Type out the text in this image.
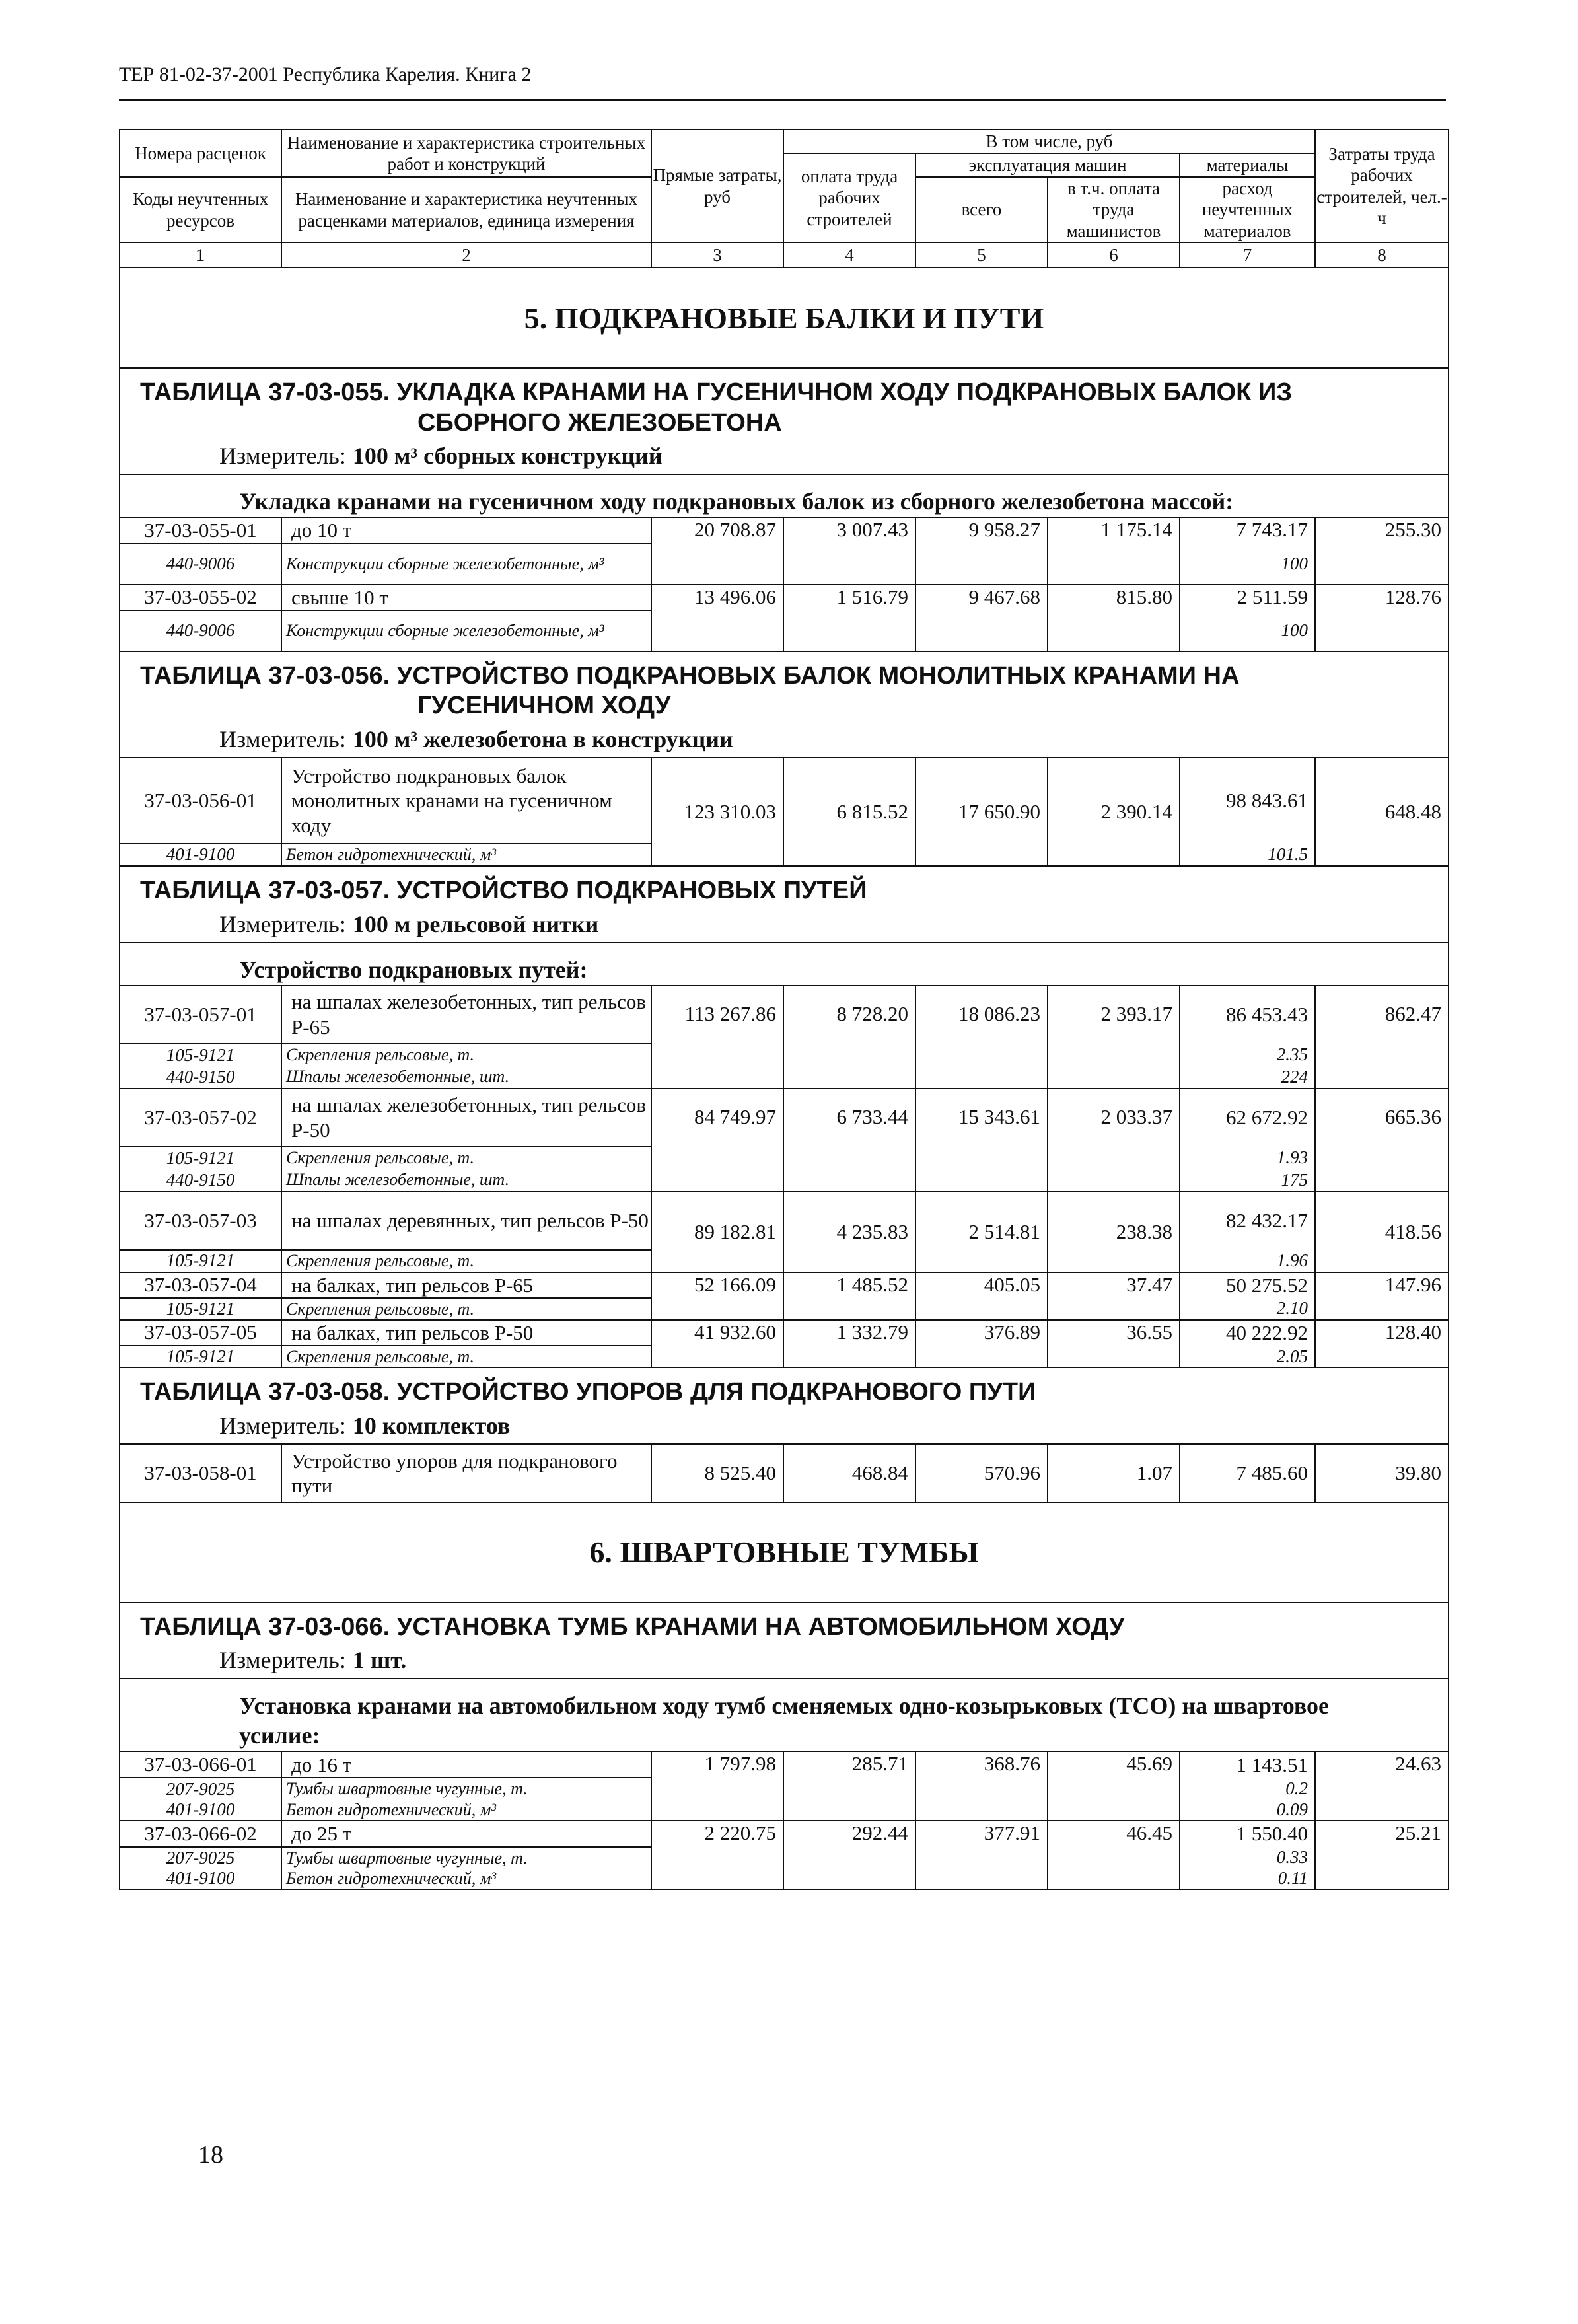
ТЕР 81-02-37-2001 Республика Карелия. Книга 2
Номера расценок	Наименование и характеристика строительных работ и конструкций	Прямые затраты, руб	В том числе, руб				Затраты труда рабочих строителей, чел.-ч
			оплата труда рабочих строителей	эксплуатация машин		материалы	
Коды неучтенных ресурсов	Наименование и характеристика неучтенных расценками материалов, единица измерения			всего	в т.ч. оплата труда машинистов	расход неучтенных материалов	

1	2	3	4	5	6	7	8
5. ПОДКРАНОВЫЕ БАЛКИ И ПУТИ							
ТАБЛИЦА 37-03-055. УКЛАДКА КРАНАМИ НА ГУСЕНИЧНОМ ХОДУ ПОДКРАНОВЫХ БАЛОК ИЗ
СБОРНОГО ЖЕЛЕЗОБЕТОНА							

Измеритель: 100 м³ сборных конструкций							
Укладка кранами на гусеничном ходу подкрановых балок из сборного железобетона массой:							
37-03-055-01	до 10 т	20 708.87	3 007.43	9 958.27	1 175.14	7 743.17	255.30
440-9006	Конструкции сборные железобетонные, м³					100	
37-03-055-02	свыше 10 т	13 496.06	1 516.79	9 467.68	815.80	2 511.59	128.76
440-9006	Конструкции сборные железобетонные, м³					100	
ТАБЛИЦА 37-03-056. УСТРОЙСТВО ПОДКРАНОВЫХ БАЛОК МОНОЛИТНЫХ КРАНАМИ НА
ГУСЕНИЧНОМ ХОДУ							

Измеритель: 100 м³ железобетона в конструкции							
37-03-056-01	Устройство подкрановых балок монолитных кранами на гусеничном ходу	123 310.03	6 815.52	17 650.90	2 390.14	98 843.61	648.48
401-9100	Бетон гидротехнический, м³					101.5	
ТАБЛИЦА 37-03-057. УСТРОЙСТВО ПОДКРАНОВЫХ ПУТЕЙ							
Измеритель: 100 м рельсовой нитки							
Устройство подкрановых путей:							
37-03-057-01	на шпалах железобетонных, тип рельсов Р-65	113 267.86	8 728.20	18 086.23	2 393.17	86 453.43	862.47
105-9121	Скрепления рельсовые, т.					2.35	
440-9150	Шпалы железобетонные, шт.					224	
37-03-057-02	на шпалах железобетонных, тип рельсов Р-50	84 749.97	6 733.44	15 343.61	2 033.37	62 672.92	665.36
105-9121	Скрепления рельсовые, т.					1.93	
440-9150	Шпалы железобетонные, шт.					175	
37-03-057-03	на шпалах деревянных, тип рельсов Р-50	89 182.81	4 235.83	2 514.81	238.38	82 432.17	418.56
105-9121	Скрепления рельсовые, т.					1.96	
37-03-057-04	на балках, тип рельсов Р-65	52 166.09	1 485.52	405.05	37.47	50 275.52	147.96
105-9121	Скрепления рельсовые, т.					2.10	
37-03-057-05	на балках, тип рельсов Р-50	41 932.60	1 332.79	376.89	36.55	40 222.92	128.40
105-9121	Скрепления рельсовые, т.					2.05	
ТАБЛИЦА 37-03-058. УСТРОЙСТВО УПОРОВ ДЛЯ ПОДКРАНОВОГО ПУТИ							
Измеритель: 10 комплектов							
37-03-058-01	Устройство упоров для подкранового пути	8 525.40	468.84	570.96	1.07	7 485.60	39.80
6. ШВАРТОВНЫЕ ТУМБЫ							
ТАБЛИЦА 37-03-066. УСТАНОВКА ТУМБ КРАНАМИ НА АВТОМОБИЛЬНОМ ХОДУ							
Измеритель: 1 шт.							
Установка кранами на автомобильном ходу тумб сменяемых одно-козырьковых (ТСО) на швартовое усилие:							
37-03-066-01	до 16 т	1 797.98	285.71	368.76	45.69	1 143.51	24.63
207-9025	Тумбы швартовные чугунные, т.					0.2	
401-9100	Бетон гидротехнический, м³					0.09	
37-03-066-02	до 25 т	2 220.75	292.44	377.91	46.45	1 550.40	25.21
207-9025	Тумбы швартовные чугунные, т.					0.33	
401-9100	Бетон гидротехнический, м³					0.11	
18
